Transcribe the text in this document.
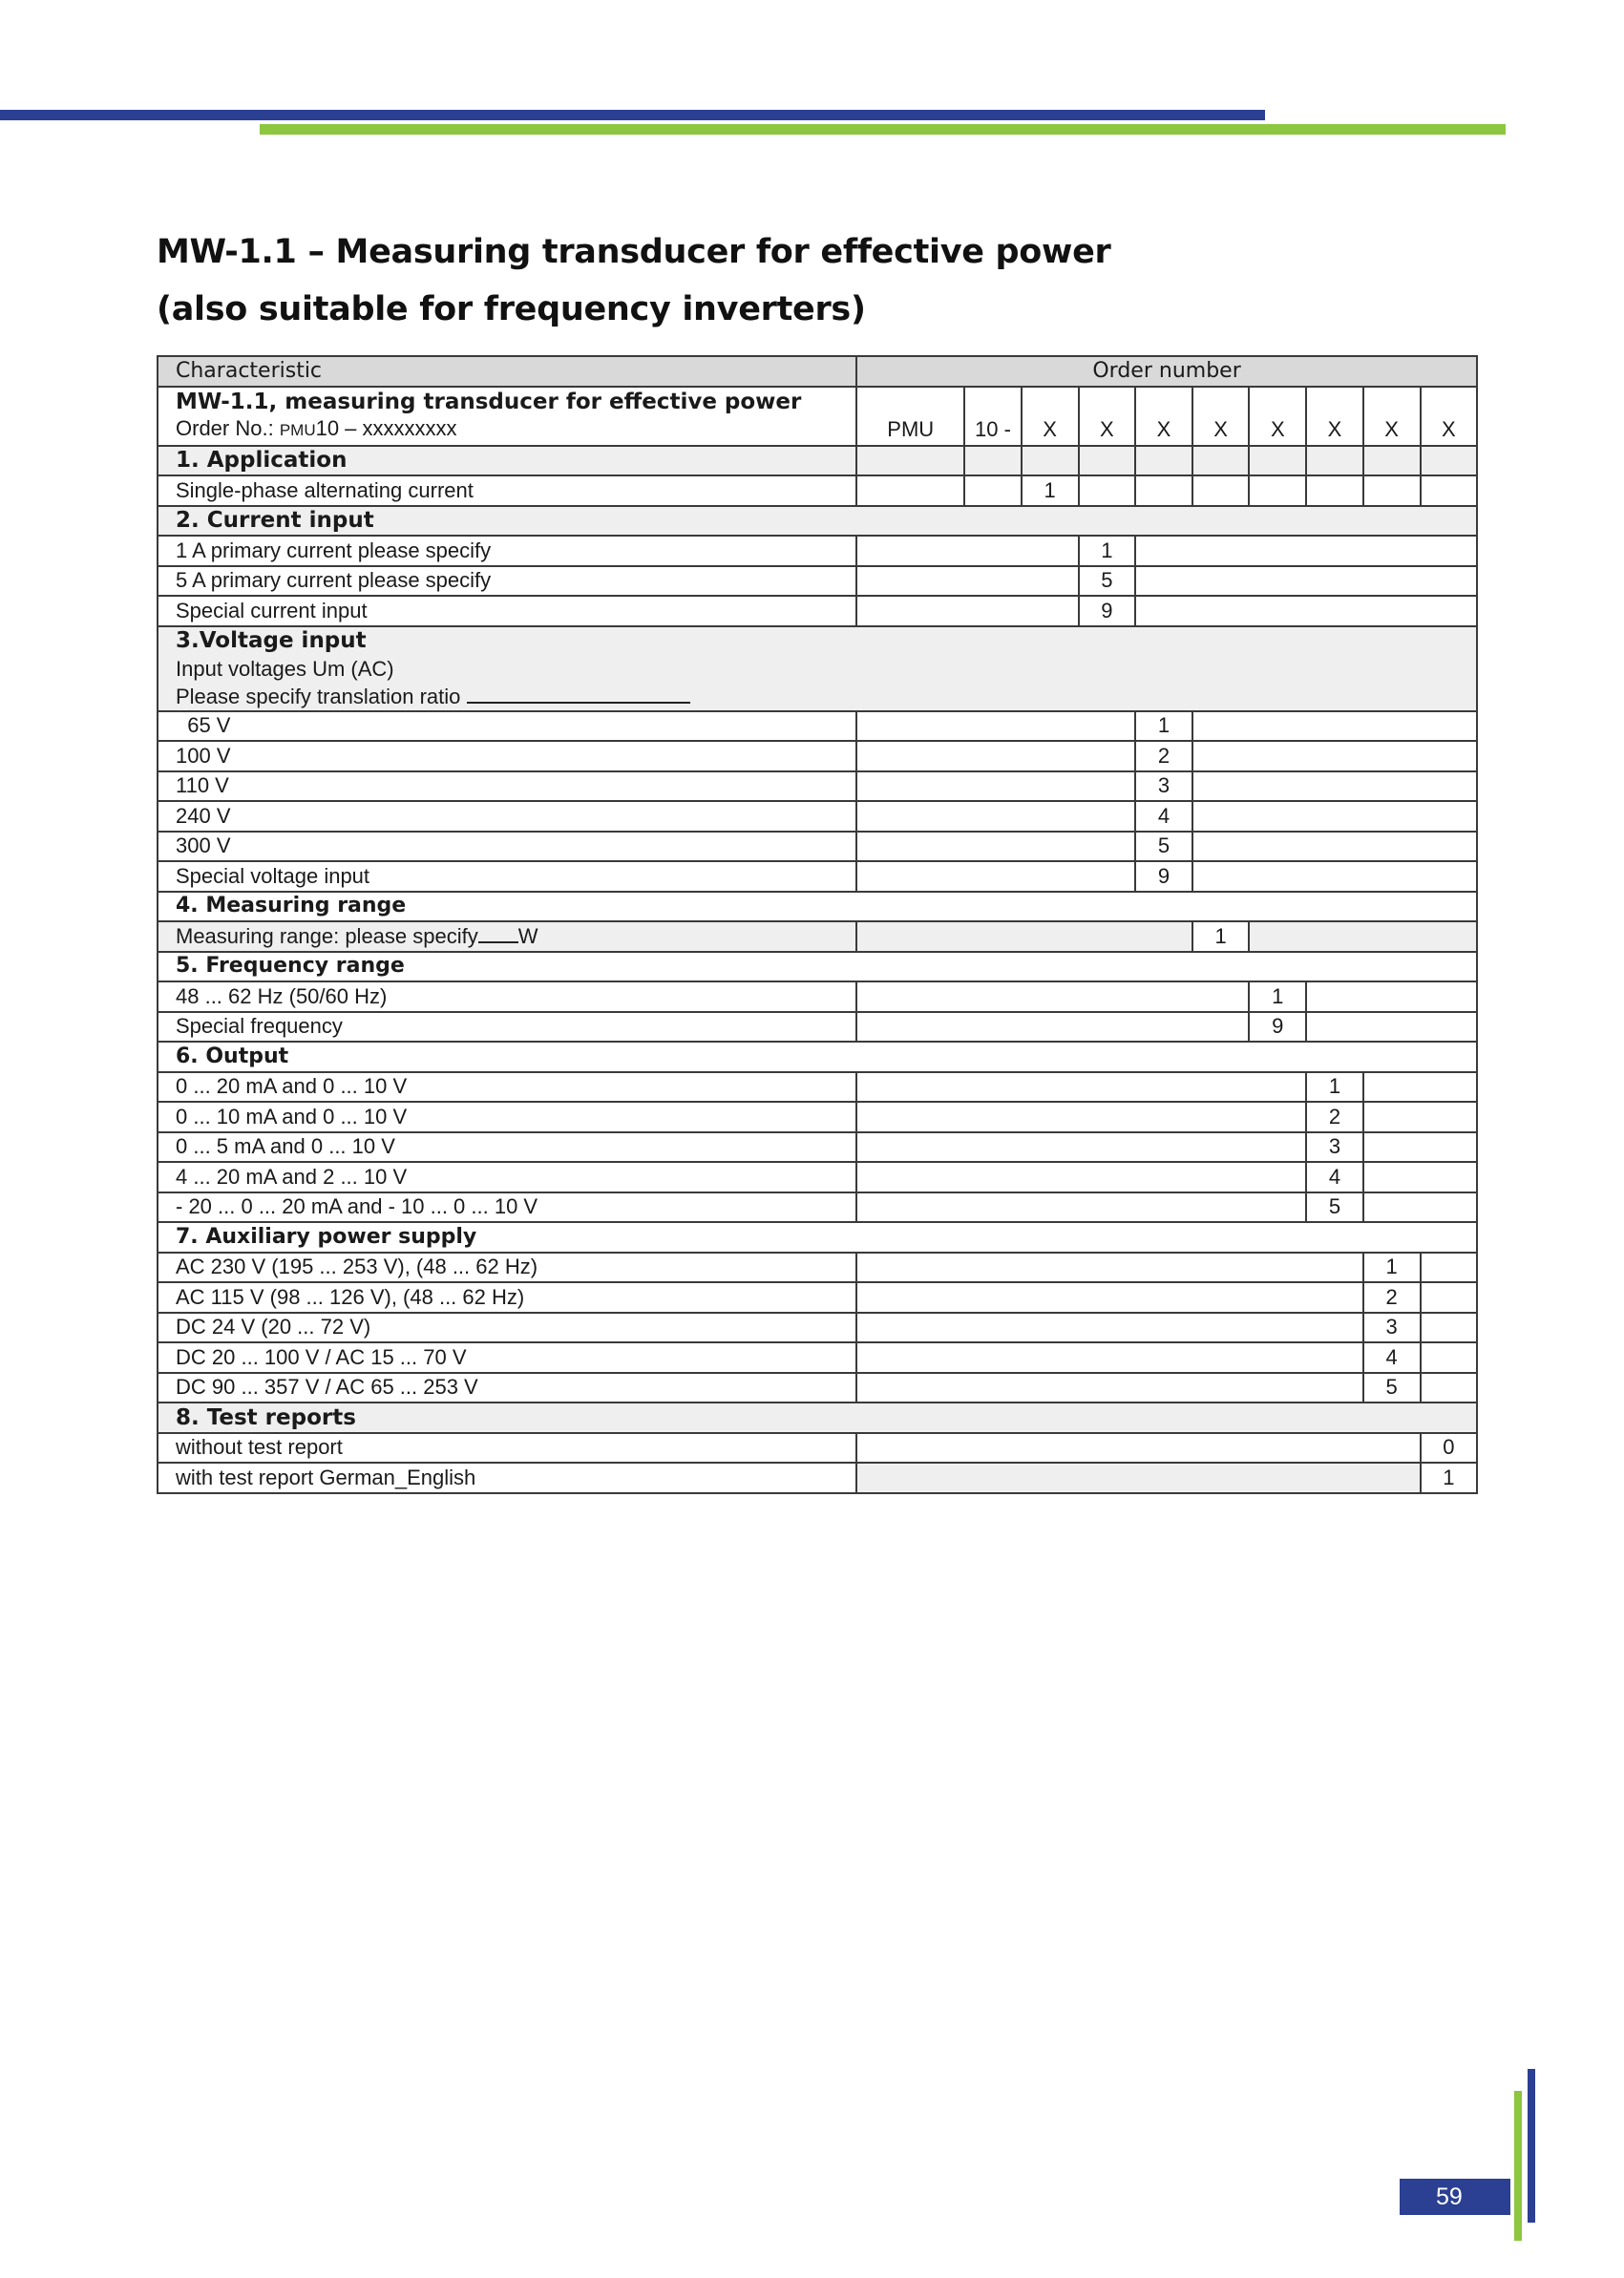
MW-1.1 – Measuring transducer for effective power
(also suitable for frequency inverters)
Characteristic	Order number									

MW-1.1, measuring transducer for effective power
Order No.: PMU10 – xxxxxxxxx	PMU	10 -	X	X	X	X	X	X	X	X
1. Application										
Single-phase alternating current			1							
2. Current input										
1 A primary current please specify				1						
5 A primary current please specify				5						
Special current input				9						

3.Voltage input
Input voltages Um (AC)
Please specify translation ratio										

65 V					1					
100 V					2					
110 V					3					
240 V					4					
300 V					5					
Special voltage input					9					
4. Measuring range										
Measuring range: please specify W						1				
5. Frequency range										
48 ... 62 Hz (50/60 Hz)							1			
Special frequency							9			
6. Output										
0 ... 20 mA and 0 ... 10 V								1		
0 ... 10 mA and 0 ... 10 V								2		
0 ... 5 mA and 0 ... 10 V								3		
4 ... 20 mA and 2 ... 10 V								4		
- 20 ... 0 ... 20 mA and - 10 ... 0 ... 10 V								5		
7. Auxiliary power supply										
AC 230 V (195 ... 253 V), (48 ... 62 Hz)									1	
AC 115 V (98 ... 126 V), (48 ... 62 Hz)									2	
DC 24 V (20 ... 72 V)									3	
DC 20 ... 100 V / AC 15 ... 70 V									4	
DC 90 ... 357 V / AC 65 ... 253 V									5	
8. Test reports										
without test report										0
with test report German_English										1
59
